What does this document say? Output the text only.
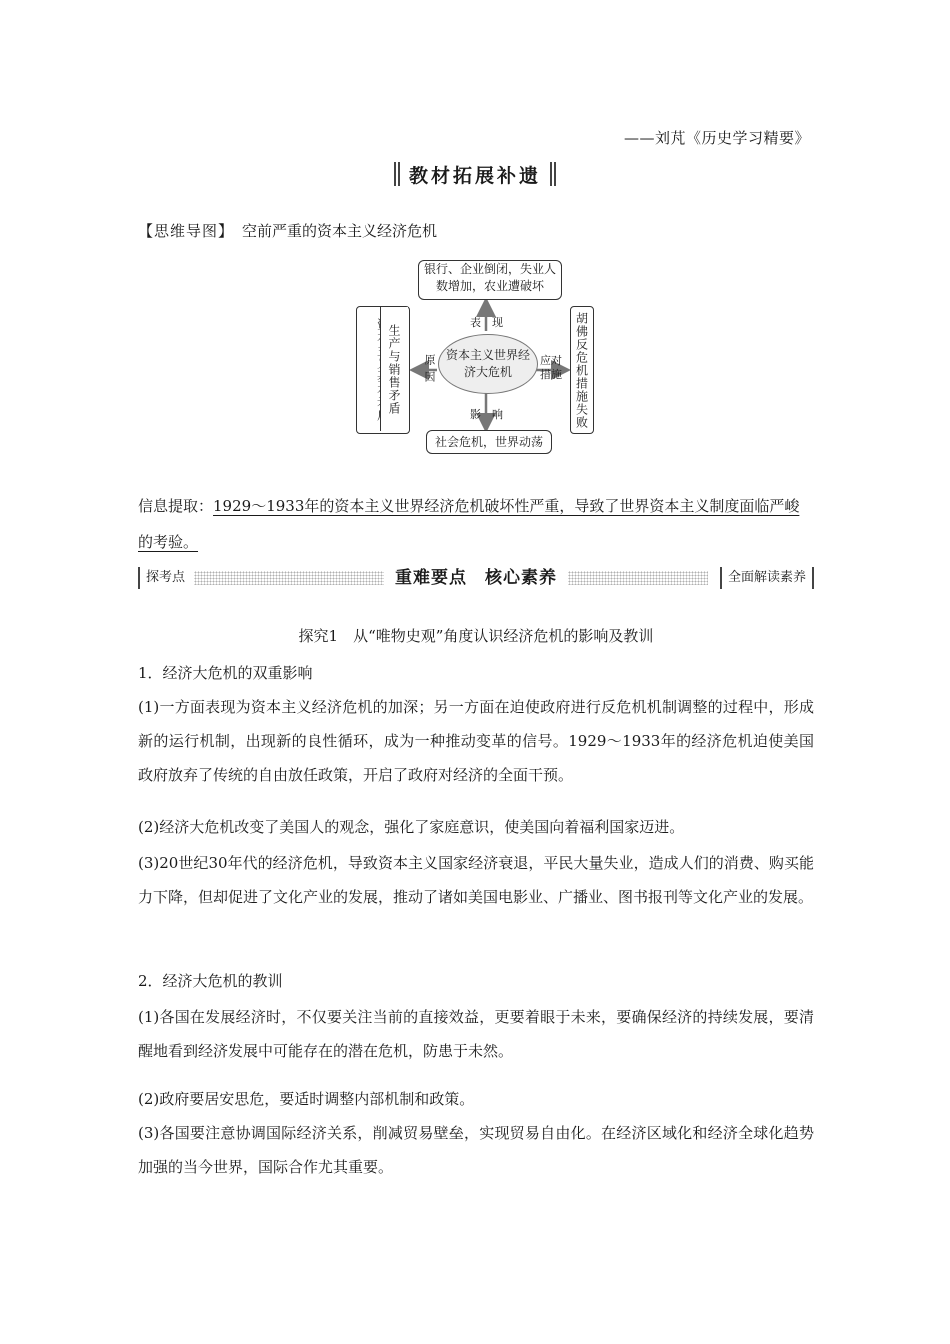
——刘芃《历史学习精要》
教材拓展补遗
【思维导图】 空前严重的资本主义经济危机
银行、企业倒闭，失业人数增加，农业遭破坏
表　现
资本主义世界经济大危机
社会危机，世界动荡
影　响
生产与销售矛盾 原因	胡佛反危机措施失败
应对措施
信息提取：1929～1933年的资本主义世界经济危机破坏性严重，导致了世界资本主义制度面临严峻的考验。
探考点	重难要点　核心素养	全面解读素养
探究1　从“唯物史观”角度认识经济危机的影响及教训
1．经济大危机的双重影响
(1)一方面表现为资本主义经济危机的加深；另一方面在迫使政府进行反危机机制调整的过程中，形成新的运行机制，出现新的良性循环，成为一种推动变革的信号。1929～1933年的经济危机迫使美国政府放弃了传统的自由放任政策，开启了政府对经济的全面干预。
(2)经济大危机改变了美国人的观念，强化了家庭意识，使美国向着福利国家迈进。
(3)20世纪30年代的经济危机，导致资本主义国家经济衰退，平民大量失业，造成人们的消费、购买能力下降，但却促进了文化产业的发展，推动了诸如美国电影业、广播业、图书报刊等文化产业的发展。
2．经济大危机的教训
(1)各国在发展经济时，不仅要关注当前的直接效益，更要着眼于未来，要确保经济的持续发展，要清醒地看到经济发展中可能存在的潜在危机，防患于未然。
(2)政府要居安思危，要适时调整内部机制和政策。
(3)各国要注意协调国际经济关系，削减贸易壁垒，实现贸易自由化。在经济区域化和经济全球化趋势加强的当今世界，国际合作尤其重要。
